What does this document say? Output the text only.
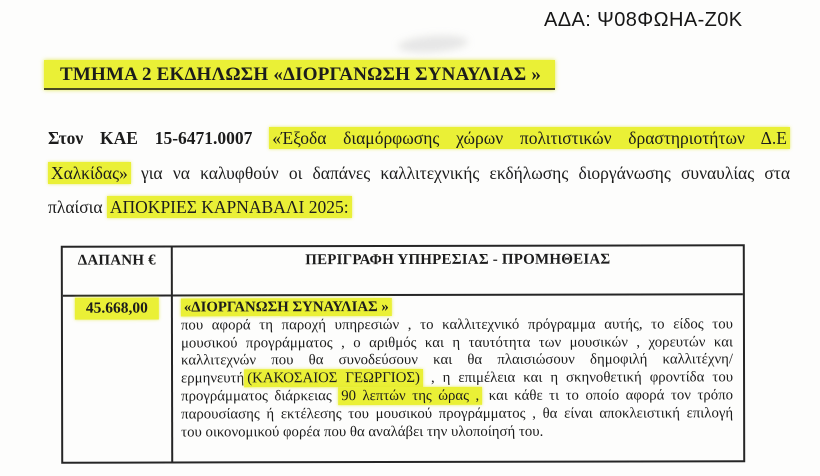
ΑΔΑ: Ψ08ΦΩΗΑ-Ζ0Κ
ΤΜΗΜΑ 2 ΕΚΔΗΛΩΣΗ «ΔΙΟΡΓΑΝΩΣΗ ΣΥΝΑΥΛΙΑΣ »
Στον ΚΑΕ 15-6471.0007 «Έξοδα διαμόρφωσης χώρων πολιτιστικών δραστηριοτήτων Δ.Ε
Χαλκίδας» για να καλυφθούν οι δαπάνες καλλιτεχνικής εκδήλωσης διοργάνωσης συναυλίας στα
πλαίσια ΑΠΟΚΡΙΕΣ ΚΑΡΝΑΒΑΛΙ 2025:
ΔΑΠΑΝΗ €	ΠΕΡΙΓΡΑΦΗ ΥΠΗΡΕΣΙΑΣ - ΠΡΟΜΗΘΕΙΑΣ
45.668,00	«ΔΙΟΡΓΑΝΩΣΗ ΣΥΝΑΥΛΙΑΣ »
που αφορά τη παροχή υπηρεσιών , το καλλιτεχνικό πρόγραμμα αυτής, το είδος του
μουσικού προγράμματος , ο αριθμός και η ταυτότητα των μουσικών , χορευτών και
καλλιτεχνών που θα συνοδεύσουν και θα πλαισιώσουν δημοφιλή καλλιτέχνη/
ερμηνευτή (ΚΑΚΟΣΑΙΟΣ ΓΕΩΡΓΙΟΣ) , η επιμέλεια και η σκηνοθετική φροντίδα του
προγράμματος διάρκειας 90 λεπτών της ώρας , και κάθε τι το οποίο αφορά τον τρόπο
παρουσίασης ή εκτέλεσης του μουσικού προγράμματος , θα είναι αποκλειστική επιλογή
του οικονομικού φορέα που θα αναλάβει την υλοποίησή του.
